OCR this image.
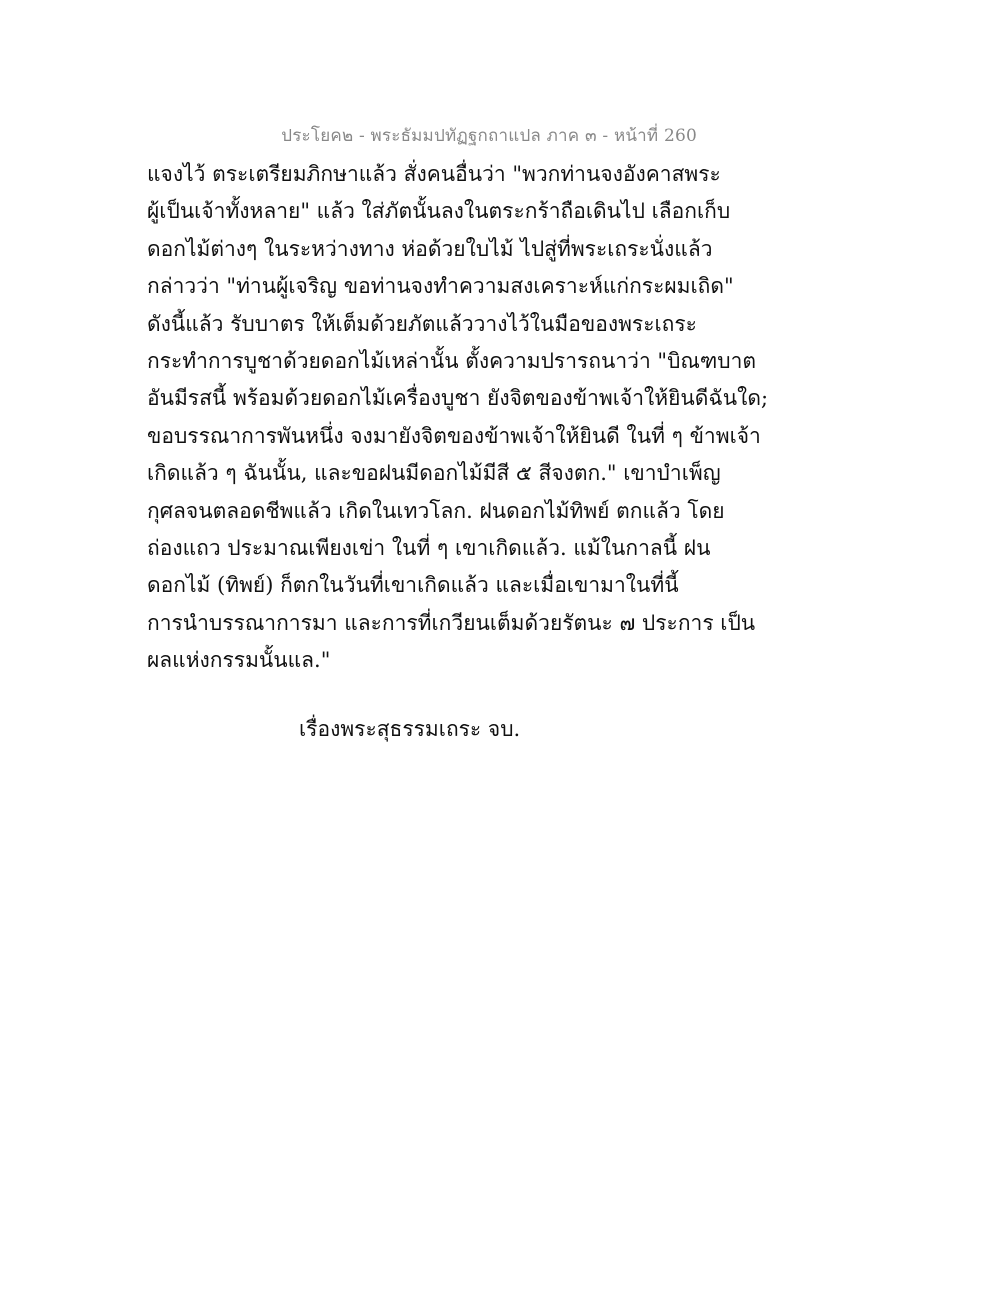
ประโยค๒ - พระธัมมปทัฏฐกถาแปล ภาค ๓ - หน้าที่ 260
แจงไว้ ตระเตรียมภิกษาแล้ว สั่งคนอื่นว่า "พวกท่านจงอังคาสพระ
ผู้เป็นเจ้าทั้งหลาย" แล้ว ใส่ภัตนั้นลงในตระกร้าถือเดินไป เลือกเก็บ
ดอกไม้ต่างๆ ในระหว่างทาง ห่อด้วยใบไม้ ไปสู่ที่พระเถระนั่งแล้ว
กล่าวว่า "ท่านผู้เจริญ ขอท่านจงทำความสงเคราะห์แก่กระผมเถิด"
ดังนี้แล้ว รับบาตร ให้เต็มด้วยภัตแล้ววางไว้ในมือของพระเถระ
กระทำการบูชาด้วยดอกไม้เหล่านั้น ตั้งความปรารถนาว่า "บิณฑบาต
อันมีรสนี้ พร้อมด้วยดอกไม้เครื่องบูชา ยังจิตของข้าพเจ้าให้ยินดีฉันใด;
ขอบรรณาการพันหนึ่ง จงมายังจิตของข้าพเจ้าให้ยินดี ในที่ ๆ ข้าพเจ้า
เกิดแล้ว ๆ ฉันนั้น, และขอฝนมีดอกไม้มีสี ๕ สีจงตก." เขาบำเพ็ญ
กุศลจนตลอดชีพแล้ว เกิดในเทวโลก. ฝนดอกไม้ทิพย์ ตกแล้ว โดย
ถ่องแถว ประมาณเพียงเข่า ในที่ ๆ เขาเกิดแล้ว. แม้ในกาลนี้ ฝน
ดอกไม้ (ทิพย์) ก็ตกในวันที่เขาเกิดแล้ว และเมื่อเขามาในที่นี้
การนำบรรณาการมา และการที่เกวียนเต็มด้วยรัตนะ ๗ ประการ เป็น
ผลแห่งกรรมนั้นแล."
เรื่องพระสุธรรมเถระ จบ.
